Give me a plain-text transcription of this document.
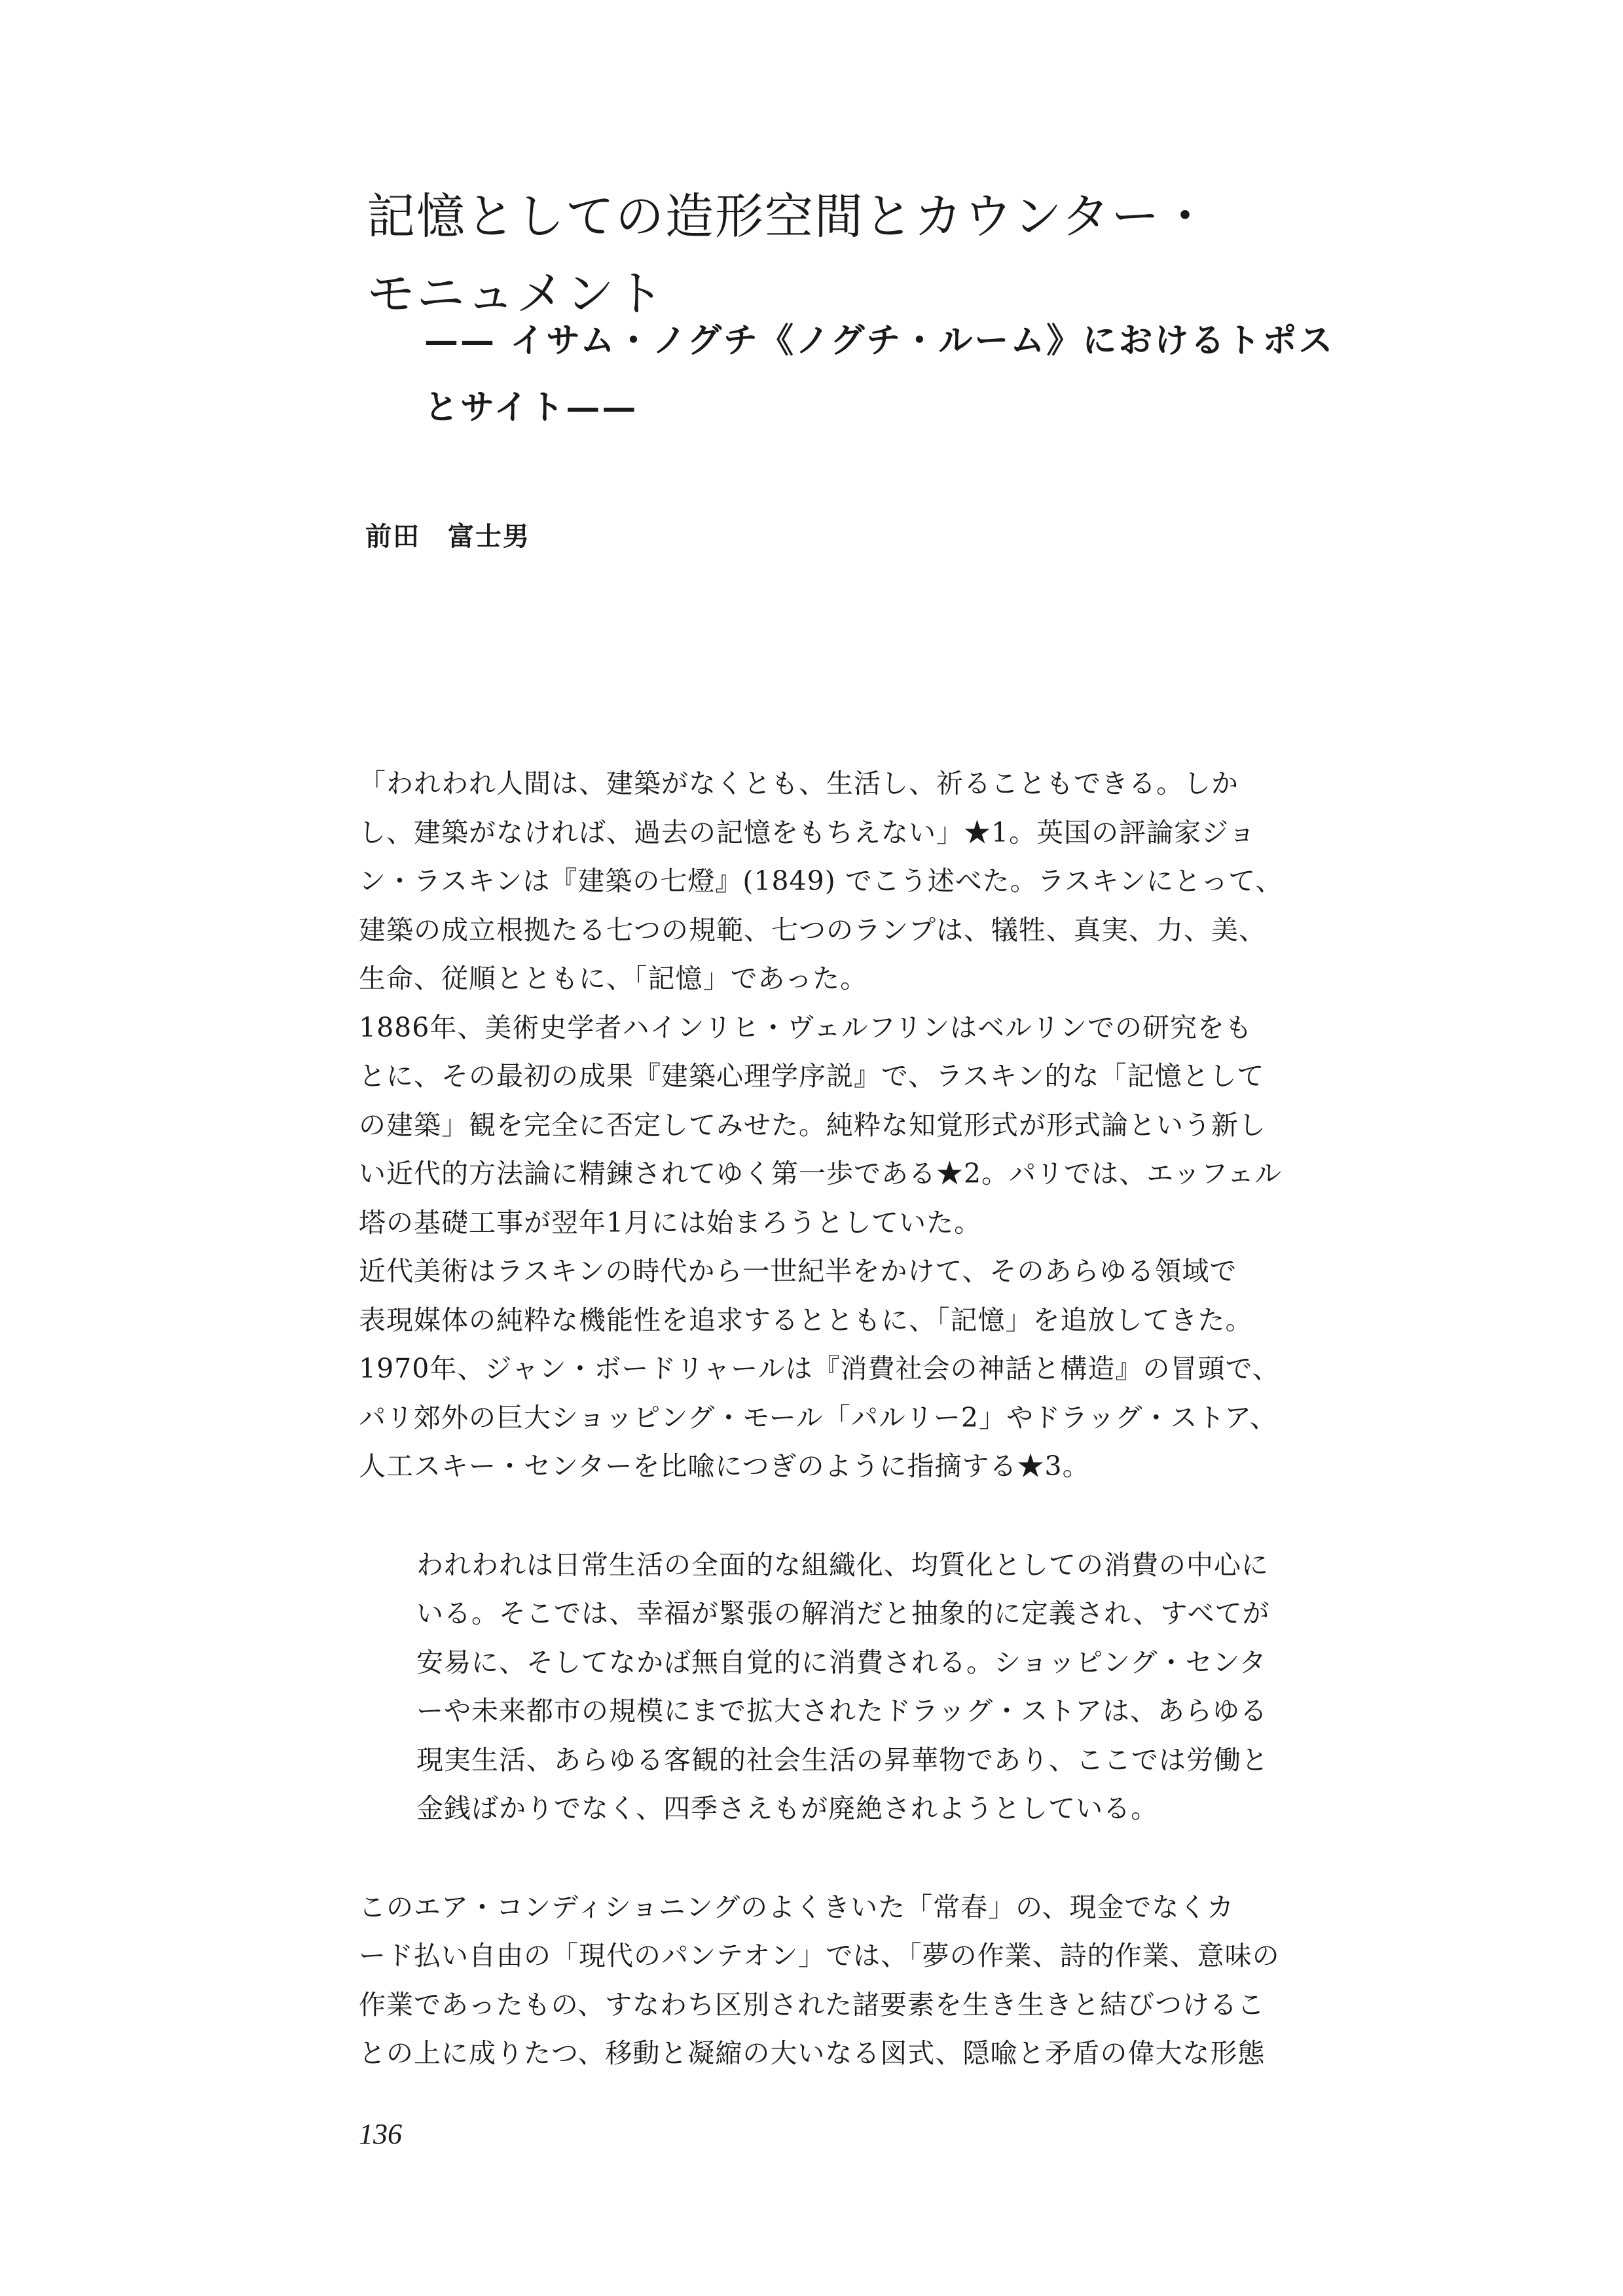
記憶としての造形空間とカウンター・
モニュメント
—— イサム・ノグチ《ノグチ・ルーム》におけるトポス
とサイト——

前田　富士男

「われわれ人間は、建築がなくとも、生活し、祈ることもできる。しか
し、建築がなければ、過去の記憶をもちえない」★1。英国の評論家ジョ
ン・ラスキンは『建築の七燈』(1849) でこう述べた。ラスキンにとって、
建築の成立根拠たる七つの規範、七つのランプは、犠牲、真実、力、美、
生命、従順とともに、「記憶」であった。
1886年、美術史学者ハインリヒ・ヴェルフリンはベルリンでの研究をも
とに、その最初の成果『建築心理学序説』で、ラスキン的な「記憶として
の建築」観を完全に否定してみせた。純粋な知覚形式が形式論という新し
い近代的方法論に精錬されてゆく第一歩である★2。パリでは、エッフェル
塔の基礎工事が翌年1月には始まろうとしていた。
近代美術はラスキンの時代から一世紀半をかけて、そのあらゆる領域で
表現媒体の純粋な機能性を追求するとともに、「記憶」を追放してきた。
1970年、ジャン・ボードリャールは『消費社会の神話と構造』の冒頭で、
パリ郊外の巨大ショッピング・モール「パルリー2」やドラッグ・ストア、
人工スキー・センターを比喩につぎのように指摘する★3。
われわれは日常生活の全面的な組織化、均質化としての消費の中心に
いる。そこでは、幸福が緊張の解消だと抽象的に定義され、すべてが
安易に、そしてなかば無自覚的に消費される。ショッピング・センタ
ーや未来都市の規模にまで拡大されたドラッグ・ストアは、あらゆる
現実生活、あらゆる客観的社会生活の昇華物であり、ここでは労働と
金銭ばかりでなく、四季さえもが廃絶されようとしている。
このエア・コンディショニングのよくきいた「常春」の、現金でなくカ
ード払い自由の「現代のパンテオン」では、「夢の作業、詩的作業、意味の
作業であったもの、すなわち区別された諸要素を生き生きと結びつけるこ
との上に成りたつ、移動と凝縮の大いなる図式、隠喩と矛盾の偉大な形態
136
